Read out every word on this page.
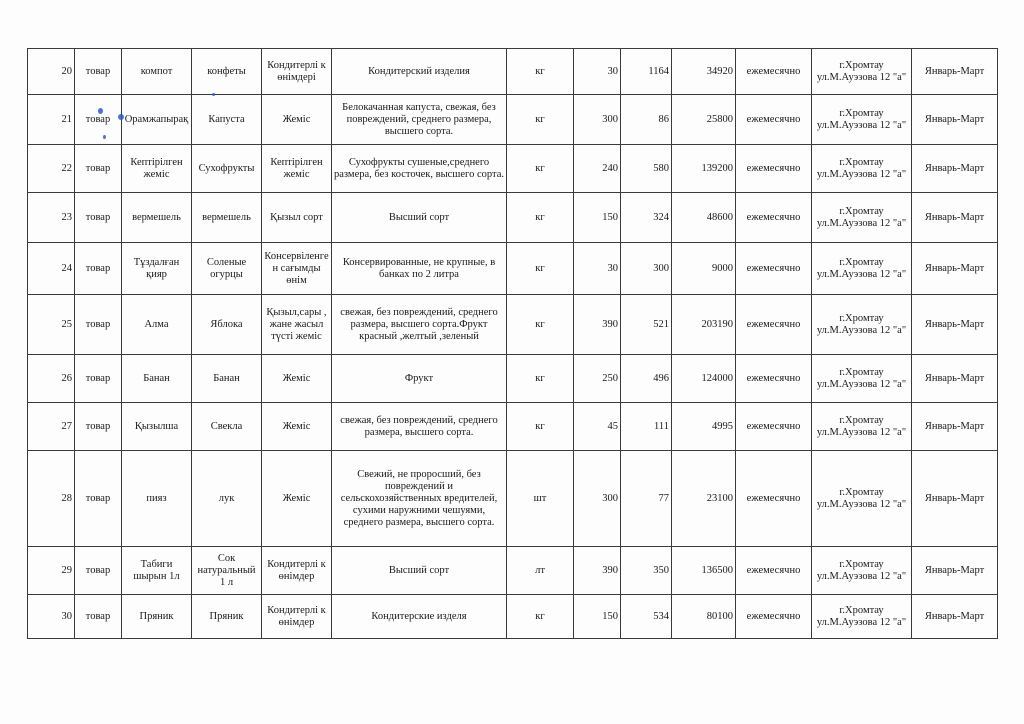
20	товар	компот	конфеты	Кондитерлі к өнімдері	Кондитерский изделия	кг	30	1164	34920	ежемесячно	г.Хромтау ул.М.Ауэзова 12 "а"	Январь-Март
21	товар	Орамжапырақ	Капуста	Жеміс	Белокачанная капуста, свежая, без повреждений, среднего размера, высшего сорта.	кг	300	86	25800	ежемесячно	г.Хромтау ул.М.Ауэзова 12 "а"	Январь-Март
22	товар	Кептірілген жеміс	Сухофрукты	Кептірілген жеміс	Сухофрукты сушеные,среднего размера, без косточек, высшего сорта.	кг	240	580	139200	ежемесячно	г.Хромтау ул.М.Ауэзова 12 "а"	Январь-Март
23	товар	вермешель	вермешель	Қызыл сорт	Высший сорт	кг	150	324	48600	ежемесячно	г.Хромтау ул.М.Ауэзова 12 "а"	Январь-Март
24	товар	Тұздалған қияр	Соленые огурцы	Консервіленген сағымды өнім	Консервированные, не крупные, в банках по 2 литра	кг	30	300	9000	ежемесячно	г.Хромтау ул.М.Ауэзова 12 "а"	Январь-Март
25	товар	Алма	Яблока	Қызыл,сары , жане жасыл түсті жеміс	свежая, без повреждений, среднего размера, высшего сорта.Фрукт красный ,желтый ,зеленый	кг	390	521	203190	ежемесячно	г.Хромтау ул.М.Ауэзова 12 "а"	Январь-Март
26	товар	Банан	Банан	Жеміс	Фрукт	кг	250	496	124000	ежемесячно	г.Хромтау ул.М.Ауэзова 12 "а"	Январь-Март
27	товар	Қызылша	Свекла	Жеміс	свежая, без повреждений, среднего размера, высшего сорта.	кг	45	111	4995	ежемесячно	г.Хромтау ул.М.Ауэзова 12 "а"	Январь-Март
28	товар	пияз	лук	Жеміс	Свежий, не проросший, без повреждений и сельскохозяйственных вредителей, сухими наружними чешуями, среднего размера, высшего сорта.	шт	300	77	23100	ежемесячно	г.Хромтау ул.М.Ауэзова 12 "а"	Январь-Март
29	товар	Табиги шырын 1л	Сок натуральный 1 л	Кондитерлі к өнімдер	Высший сорт	лт	390	350	136500	ежемесячно	г.Хромтау ул.М.Ауэзова 12 "а"	Январь-Март
30	товар	Пряник	Пряник	Кондитерлі к өнімдер	Кондитерские изделя	кг	150	534	80100	ежемесячно	г.Хромтау ул.М.Ауэзова 12 "а"	Январь-Март
